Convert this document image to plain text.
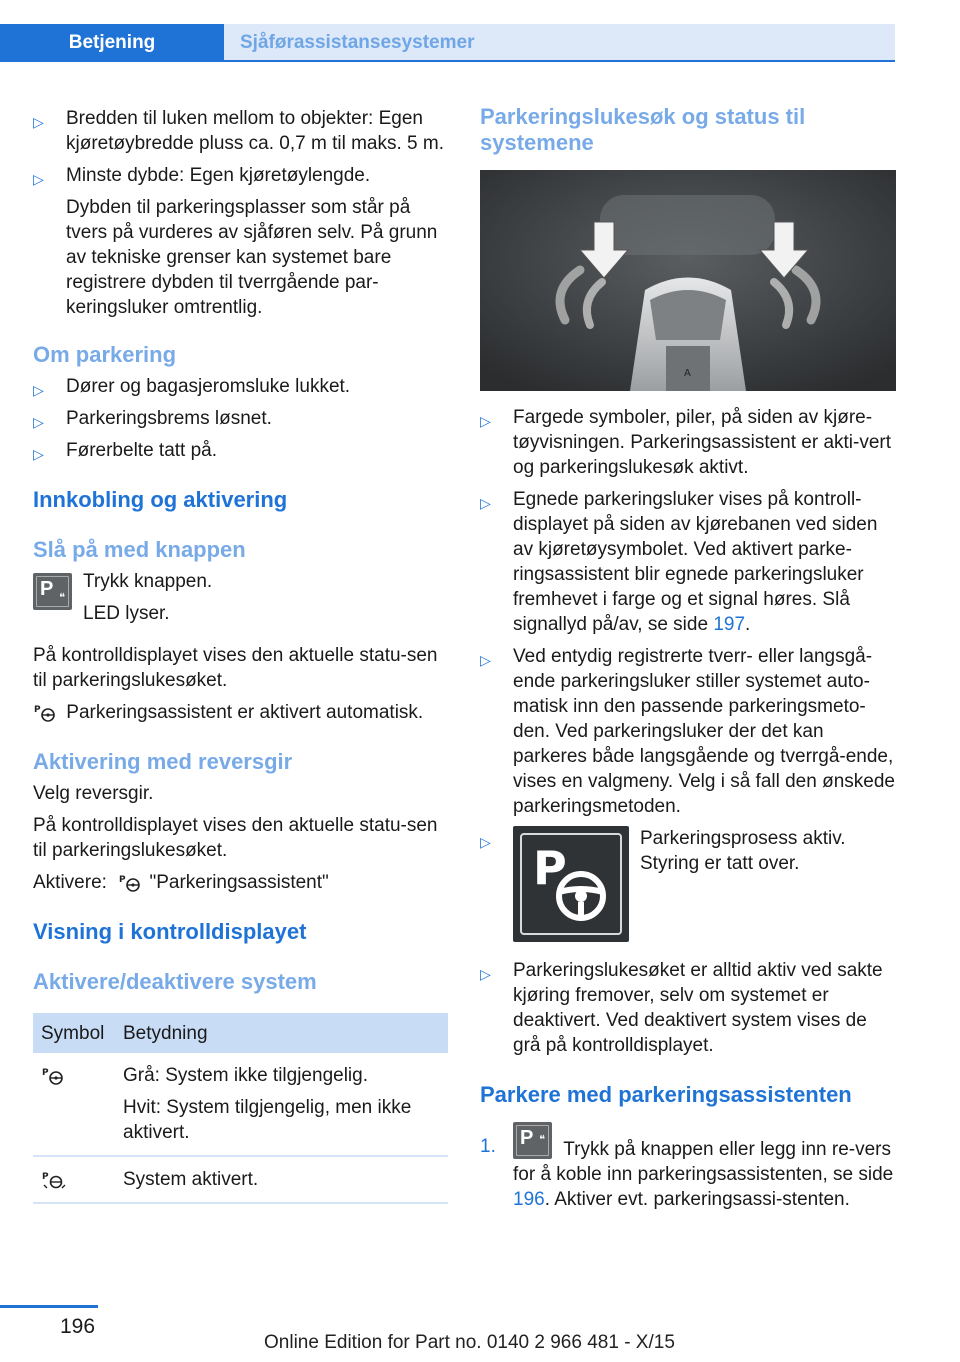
Betjening	Sjåførassistansesystemer
▷ Bredden til luken mellom to objekter: Egen kjøretøybredde pluss ca. 0,7 m til maks. 5 m.
▷ Minste dybde: Egen kjøretøylengde.
Dybden til parkeringsplasser som står på tvers på vurderes av sjåføren selv. På grunn av tekniske grenser kan systemet bare registrere dybden til tverrgående par‐keringsluker omtrentlig.
Om parkering
▷ Dører og bagasjeromsluke lukket.
▷ Parkeringsbrems løsnet.
▷ Førerbelte tatt på.
Innkobling og aktivering
Slå på med knappen
P ❝
Trykk knappen.
LED lyser.

På kontrolldisplayet vises den aktuelle statu‐sen til parkeringslukesøket.

P Parkeringsassistent er aktivert automatisk.
Aktivering med reversgir

Velg reversgir.

På kontrolldisplayet vises den aktuelle statu‐sen til parkeringslukesøket.

Aktivere: P "Parkeringsassistent"
Visning i kontrolldisplayet
Aktivere/deaktivere system
Symbol	Betydning

P	Grå: System ikke tilgjengelig.
Hvit: System tilgjengelig, men ikke aktivert.

P	System aktivert.
Parkeringslukesøk og status til systemene
A
▷ Fargede symboler, piler, på siden av kjøre‐tøyvisningen. Parkeringsassistent er akti‐vert og parkeringslukesøk aktivt.
▷ Egnede parkeringsluker vises på kontroll‐displayet på siden av kjørebanen ved siden av kjøretøysymbolet. Ved aktivert parke‐ringsassistent blir egnede parkeringsluker fremhevet i farge og et signal høres. Slå signallyd på/av, se side 197.
▷ Ved entydig registrerte tverr- eller langsgå‐ende parkeringsluker stiller systemet auto‐matisk inn den passende parkeringsmeto‐den. Ved parkeringsluker der det kan parkeres både langsgående og tverrgå‐ende, vises en valgmeny. Velg i så fall den ønskede parkeringsmetoden.
▷ P
Parkeringsprosess aktiv.
Styring er tatt over.
▷ Parkeringslukesøket er alltid aktiv ved sakte kjøring fremover, selv om systemet er deaktivert. Ved deaktivert system vises de grå på kontrolldisplayet.
Parkere med parkeringsassistenten
1. P ❝ Trykk på knappen eller legg inn re‐vers for å koble inn parkeringsassistenten, se side 196. Aktiver evt. parkeringsassi‐stenten.
196
Online Edition for Part no. 0140 2 966 481 - X/15
